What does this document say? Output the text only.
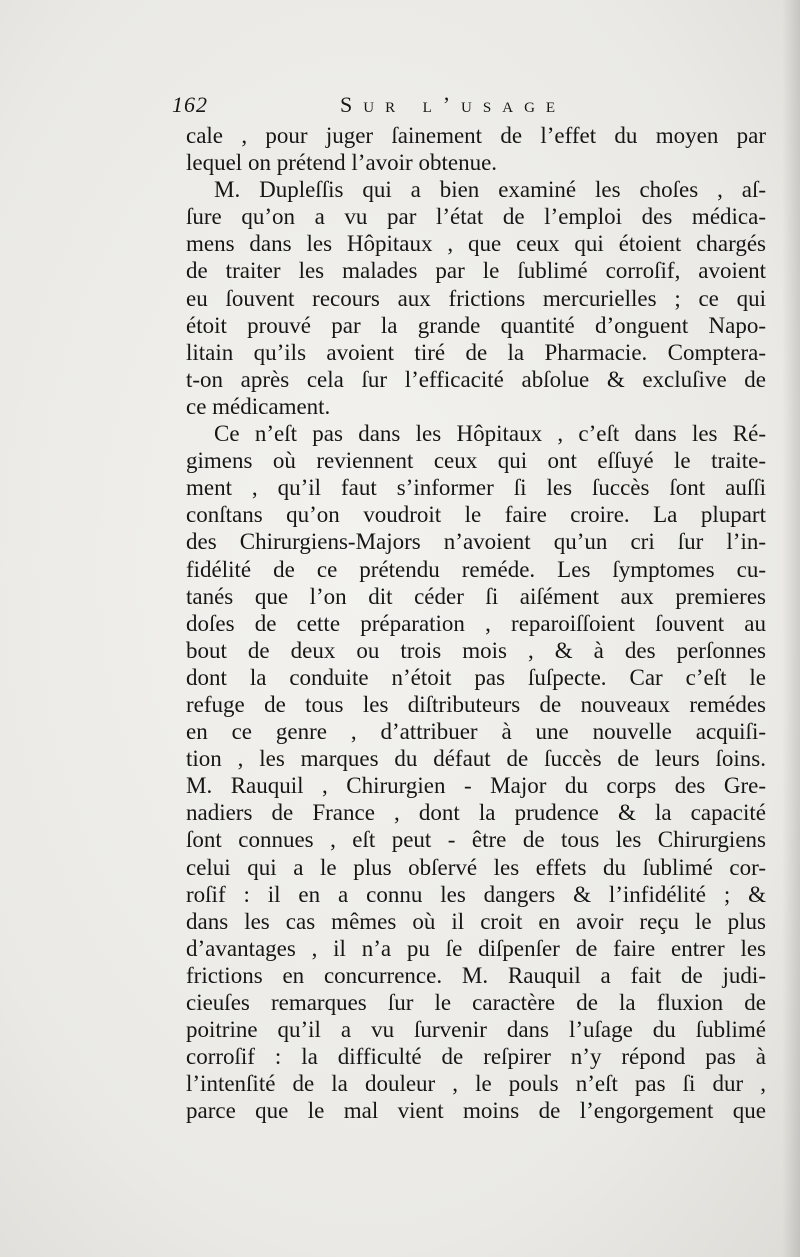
162	Sur l’usage
cale , pour juger ſainement de l’effet du moyen par
lequel on prétend l’avoir obtenue.
M. Dupleſſis qui a bien examiné les choſes , aſ-
ſure qu’on a vu par l’état de l’emploi des médica-
mens dans les Hôpitaux , que ceux qui étoient chargés
de traiter les malades par le ſublimé corroſif, avoient
eu ſouvent recours aux frictions mercurielles ; ce qui
étoit prouvé par la grande quantité d’onguent Napo-
litain qu’ils avoient tiré de la Pharmacie. Comptera-
t-on après cela ſur l’efficacité abſolue & excluſive de
ce médicament.
Ce n’eſt pas dans les Hôpitaux , c’eſt dans les Ré-
gimens où reviennent ceux qui ont eſſuyé le traite-
ment , qu’il faut s’informer ſi les ſuccès ſont auſſi
conſtans qu’on voudroit le faire croire. La plupart
des Chirurgiens-Majors n’avoient qu’un cri ſur l’in-
fidélité de ce prétendu reméde. Les ſymptomes cu-
tanés que l’on dit céder ſi aiſément aux premieres
doſes de cette préparation , reparoiſſoient ſouvent au
bout de deux ou trois mois , & à des perſonnes
dont la conduite n’étoit pas ſuſpecte. Car c’eſt le
refuge de tous les diſtributeurs de nouveaux remédes
en ce genre , d’attribuer à une nouvelle acquiſi-
tion , les marques du défaut de ſuccès de leurs ſoins.
M. Rauquil , Chirurgien - Major du corps des Gre-
nadiers de France , dont la prudence & la capacité
ſont connues , eſt peut - être de tous les Chirurgiens
celui qui a le plus obſervé les effets du ſublimé cor-
roſif : il en a connu les dangers & l’infidélité ; &
dans les cas mêmes où il croit en avoir reçu le plus
d’avantages , il n’a pu ſe diſpenſer de faire entrer les
frictions en concurrence. M. Rauquil a fait de judi-
cieuſes remarques ſur le caractère de la fluxion de
poitrine qu’il a vu ſurvenir dans l’uſage du ſublimé
corroſif : la difficulté de reſpirer n’y répond pas à
l’intenſité de la douleur , le pouls n’eſt pas ſi dur ,
parce que le mal vient moins de l’engorgement que
